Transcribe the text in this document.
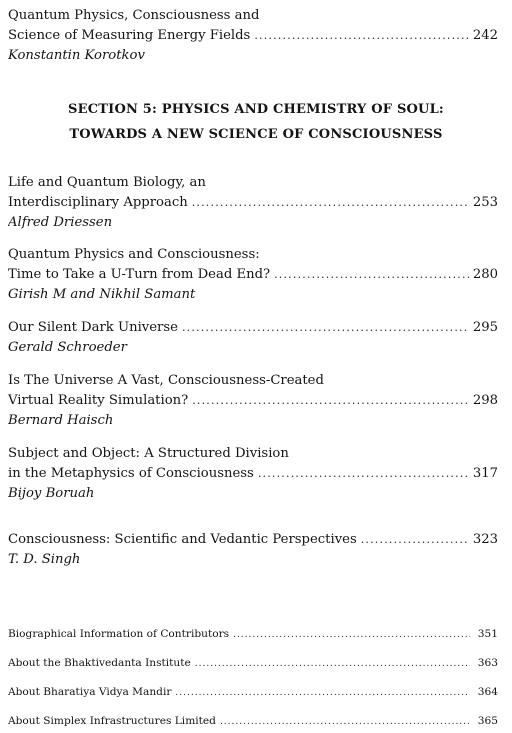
Quantum Physics, Consciousness and
Science of Measuring Energy Fields .....	242
Konstantin Korotkov
SECTION 5: PHYSICS AND CHEMISTRY OF SOUL:
TOWARDS A NEW SCIENCE OF CONSCIOUSNESS
Life and Quantum Biology, an
Interdisciplinary Approach .....	253
Alfred Driessen
Quantum Physics and Consciousness:
Time to Take a U-Turn from Dead End? .....	280
Girish M and Nikhil Samant
Our Silent Dark Universe .....	295
Gerald Schroeder
Is The Universe A Vast, Consciousness-Created
Virtual Reality Simulation? .....	298
Bernard Haisch
Subject and Object: A Structured Division
in the Metaphysics of Consciousness .....	317
Bijoy Boruah
Consciousness: Scientific and Vedantic Perspectives .....	323
T. D. Singh
Biographical Information of Contributors .....	351
About the Bhaktivedanta Institute .....	363
About Bharatiya Vidya Mandir .....	364
About Simplex Infrastructures Limited .....	365
